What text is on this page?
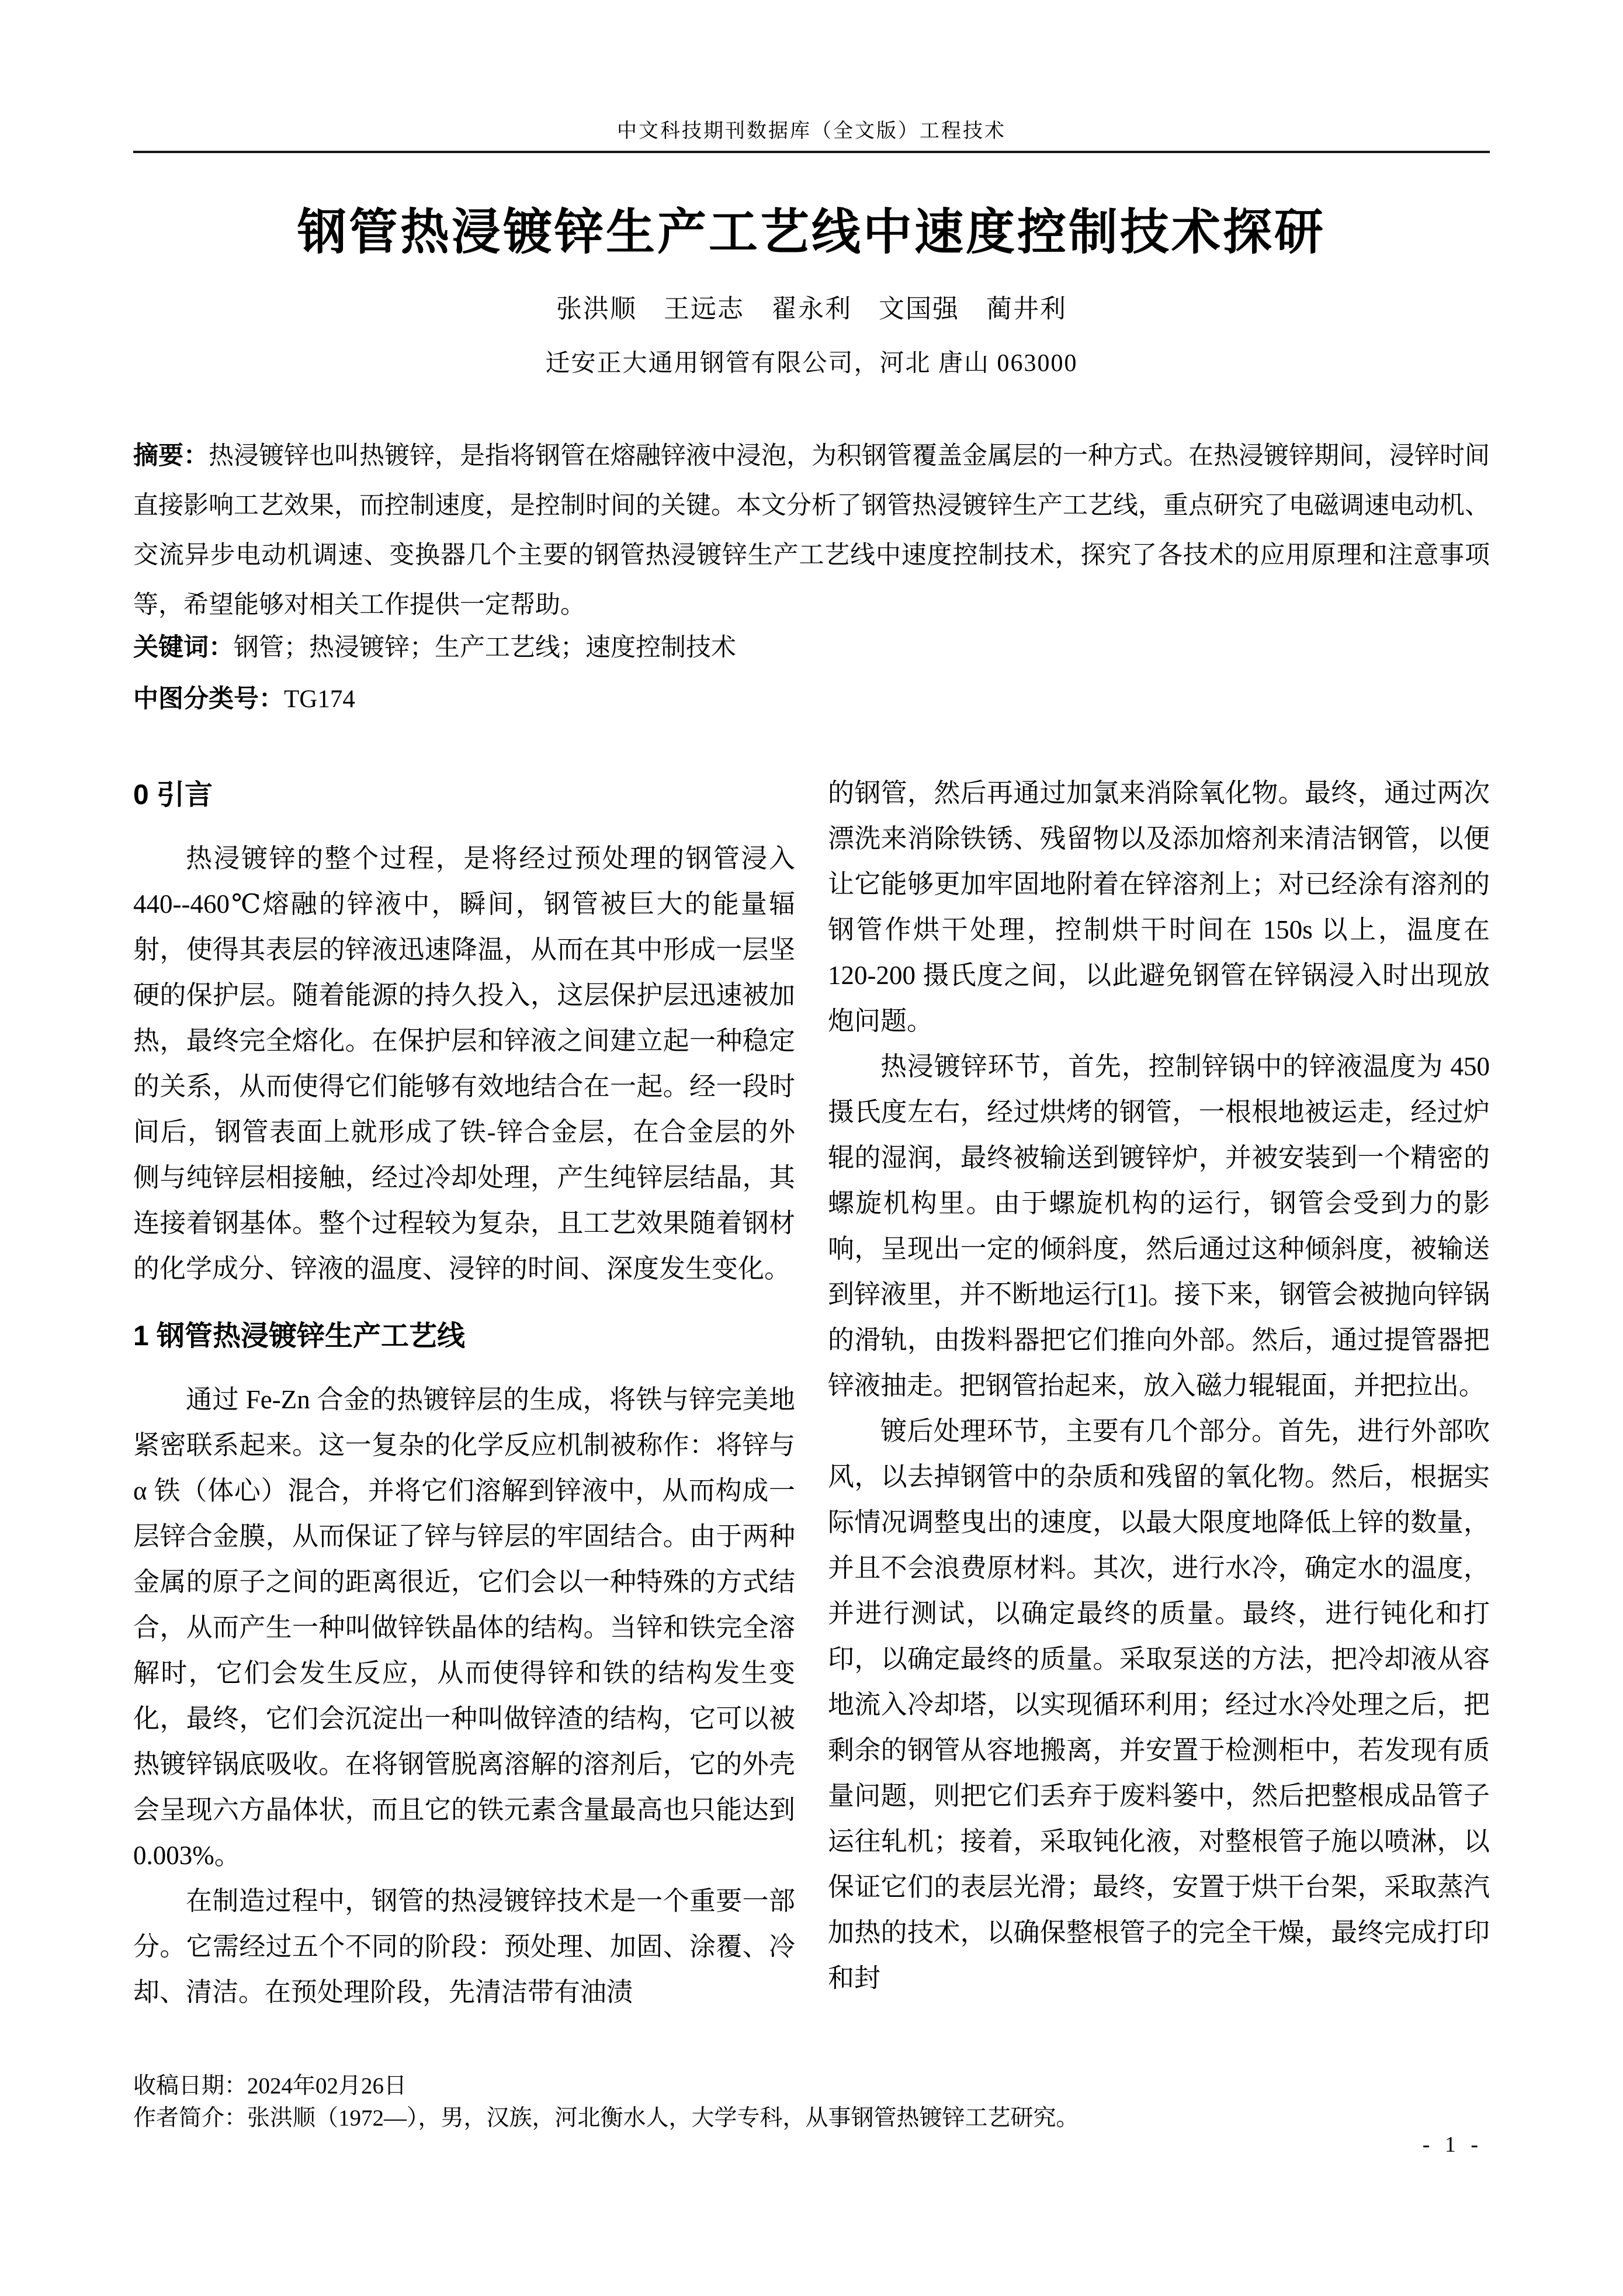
中文科技期刊数据库（全文版）工程技术
钢管热浸镀锌生产工艺线中速度控制技术探研
张洪顺　王远志　翟永利　文国强　蔺井利
迁安正大通用钢管有限公司，河北 唐山 063000

摘要：热浸镀锌也叫热镀锌，是指将钢管在熔融锌液中浸泡，为积钢管覆盖金属层的一种方式。在热浸镀锌期间，浸锌时间直接影响工艺效果，而控制速度，是控制时间的关键。本文分析了钢管热浸镀锌生产工艺线，重点研究了电磁调速电动机、交流异步电动机调速、变换器几个主要的钢管热浸镀锌生产工艺线中速度控制技术，探究了各技术的应用原理和注意事项等，希望能够对相关工作提供一定帮助。

关键词：钢管；热浸镀锌；生产工艺线；速度控制技术

中图分类号：TG174

0 引言

热浸镀锌的整个过程，是将经过预处理的钢管浸入 440--460℃熔融的锌液中，瞬间，钢管被巨大的能量辐射，使得其表层的锌液迅速降温，从而在其中形成一层坚硬的保护层。随着能源的持久投入，这层保护层迅速被加热，最终完全熔化。在保护层和锌液之间建立起一种稳定的关系，从而使得它们能够有效地结合在一起。经一段时间后，钢管表面上就形成了铁-锌合金层，在合金层的外侧与纯锌层相接触，经过冷却处理，产生纯锌层结晶，其连接着钢基体。整个过程较为复杂，且工艺效果随着钢材的化学成分、锌液的温度、浸锌的时间、深度发生变化。

1 钢管热浸镀锌生产工艺线

通过 Fe-Zn 合金的热镀锌层的生成，将铁与锌完美地紧密联系起来。这一复杂的化学反应机制被称作：将锌与 α 铁（体心）混合，并将它们溶解到锌液中，从而构成一层锌合金膜，从而保证了锌与锌层的牢固结合。由于两种金属的原子之间的距离很近，它们会以一种特殊的方式结合，从而产生一种叫做锌铁晶体的结构。当锌和铁完全溶解时，它们会发生反应，从而使得锌和铁的结构发生变化，最终，它们会沉淀出一种叫做锌渣的结构，它可以被热镀锌锅底吸收。在将钢管脱离溶解的溶剂后，它的外壳会呈现六方晶体状，而且它的铁元素含量最高也只能达到 0.003%。

在制造过程中，钢管的热浸镀锌技术是一个重要一部分。它需经过五个不同的阶段：预处理、加固、涂覆、冷却、清洁。在预处理阶段，先清洁带有油渍

的钢管，然后再通过加氯来消除氧化物。最终，通过两次漂洗来消除铁锈、残留物以及添加熔剂来清洁钢管，以便让它能够更加牢固地附着在锌溶剂上；对已经涂有溶剂的钢管作烘干处理，控制烘干时间在 150s 以上，温度在 120-200 摄氏度之间，以此避免钢管在锌锅浸入时出现放炮问题。

热浸镀锌环节，首先，控制锌锅中的锌液温度为 450 摄氏度左右，经过烘烤的钢管，一根根地被运走，经过炉辊的湿润，最终被输送到镀锌炉，并被安装到一个精密的螺旋机构里。由于螺旋机构的运行，钢管会受到力的影响，呈现出一定的倾斜度，然后通过这种倾斜度，被输送到锌液里，并不断地运行[1]。接下来，钢管会被抛向锌锅的滑轨，由拨料器把它们推向外部。然后，通过提管器把锌液抽走。把钢管抬起来，放入磁力辊辊面，并把拉出。

镀后处理环节，主要有几个部分。首先，进行外部吹风，以去掉钢管中的杂质和残留的氧化物。然后，根据实际情况调整曳出的速度，以最大限度地降低上锌的数量，并且不会浪费原材料。其次，进行水冷，确定水的温度，并进行测试，以确定最终的质量。最终，进行钝化和打印，以确定最终的质量。采取泵送的方法，把冷却液从容地流入冷却塔，以实现循环利用；经过水冷处理之后，把剩余的钢管从容地搬离，并安置于检测柜中，若发现有质量问题，则把它们丢弃于废料篓中，然后把整根成品管子运往轧机；接着，采取钝化液，对整根管子施以喷淋，以保证它们的表层光滑；最终，安置于烘干台架，采取蒸汽加热的技术，以确保整根管子的完全干燥，最终完成打印和封

收稿日期：2024年02月26日
作者简介：张洪顺（1972—），男，汉族，河北衡水人，大学专科，从事钢管热镀锌工艺研究。
- 1 -
